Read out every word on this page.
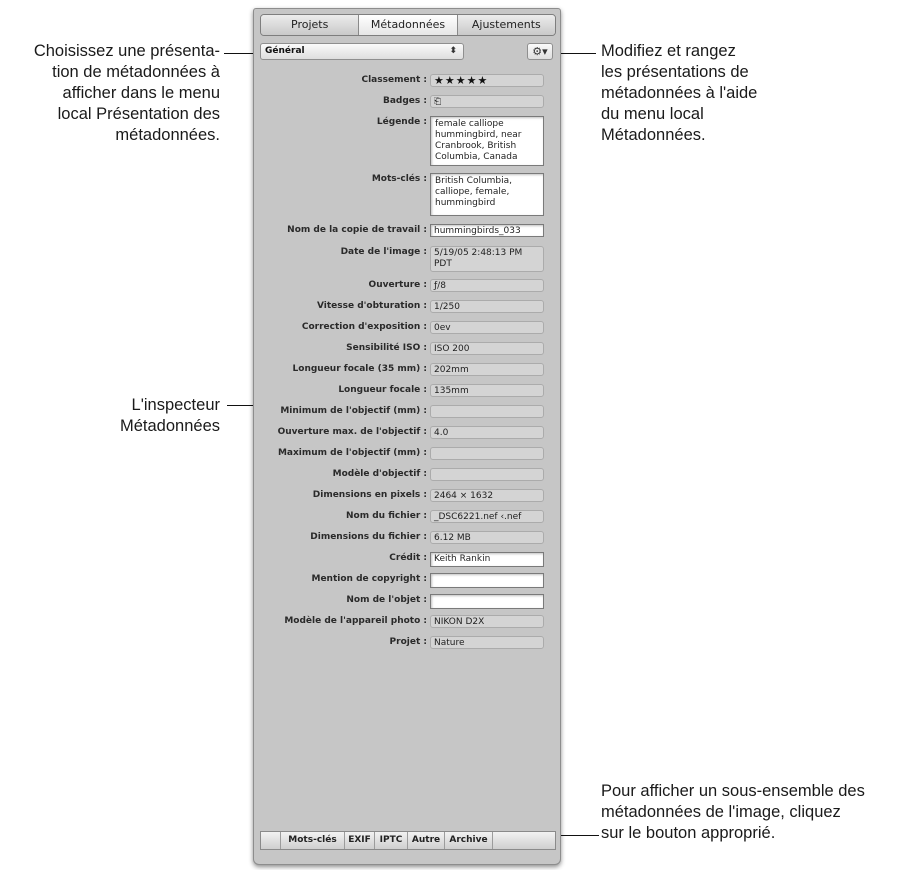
Choisissez une présenta-

tion de métadonnées à

afficher dans le menu

local Présentation des

métadonnées.

L'inspecteur

Métadonnées

Modifiez et rangez

les présentations de

métadonnées à l'aide

du menu local

Métadonnées.

Pour afficher un sous-ensemble des

métadonnées de l'image, cliquez

sur le bouton approprié.

Projets	Métadonnées	Ajustements
Général	⬍	⚙▾
Classement : ★★★★★
Badges : ⎗
Légende : female calliope hummingbird, near Cranbrook, British Columbia, Canada
Mots-clés : British Columbia, calliope, female, hummingbird
Nom de la copie de travail : hummingbirds_033
Date de l'image : 5/19/05 2:48:13 PM PDT
Ouverture : ƒ/8
Vitesse d'obturation : 1/250
Correction d'exposition : 0ev
Sensibilité ISO : ISO 200
Longueur focale (35 mm) : 202mm
Longueur focale : 135mm
Minimum de l'objectif (mm) :
Ouverture max. de l'objectif : 4.0
Maximum de l'objectif (mm) :
Modèle d'objectif :
Dimensions en pixels : 2464 × 1632
Nom du fichier : _DSC6221.nef ‹.nef
Dimensions du fichier : 6.12 MB
Crédit : Keith Rankin
Mention de copyright :
Nom de l'objet :
Modèle de l'appareil photo : NIKON D2X
Projet : Nature
Mots-clés	EXIF IPTC	Autre	Archive
